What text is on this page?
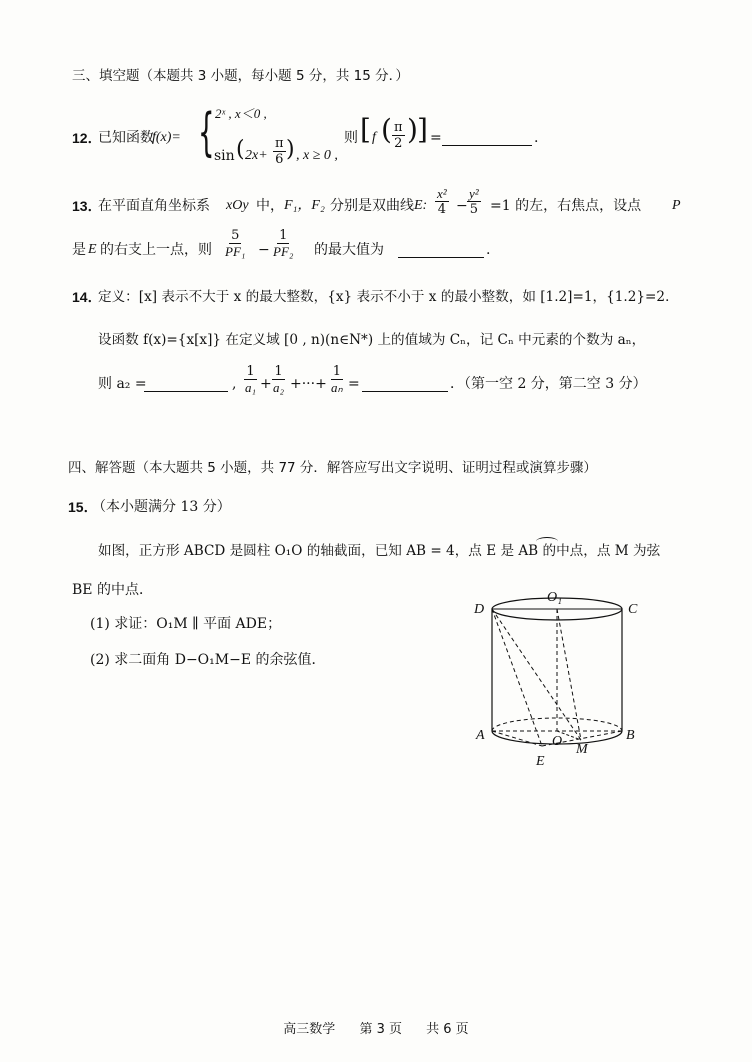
三、填空题（本题共 3 小题，每小题 5 分，共 15 分．）
12．
已知函数
f(x)= { 2ˣ , x＜0 ,
sin ( $2x+ \frac{\pi}{6}$ ) , x ≥ 0 ,
则 [ f ( $\frac{\pi}{2}$ ) ] =	.
13．
在平面直角坐标系 xOy 中， F₁，F₂ 分别是双曲线 E: $\frac{\text{x²}}{4} - \frac{\text{y²}}{5} =1$ 的左，右焦点，设点 P
是 E 的右支上一点，则 $\frac{5}{\text{PF₁}} - \frac{1}{\text{PF₂}}$ 的最大值为	.
14．
定义：[x] 表示不大于 x 的最大整数，{x} 表示不小于 x 的最小整数，如 [1.2]=1，{1.2}=2．
设函数 f(x)={x[x]} 在定义域 [0 , n)(n∈N*) 上的值域为 Cₙ，记 Cₙ 中元素的个数为 aₙ，
则 a₂ =	, $\frac{1}{\text{a₁}} + \frac{1}{\text{a₂}}$ +···+ $\frac{1}{\text{aₙ}}$ =	．（第一空 2 分，第二空 3 分）
四、解答题（本大题共 5 小题，共 77 分．解答应写出文字说明、证明过程或演算步骤）
15．
（本小题满分 13 分）
如图，正方形 ABCD 是圆柱 O₁O 的轴截面，已知 AB = 4，点 E 是 AB 的中点，点 M 为弦
BE 的中点．
(1) 求证：O₁M ∥ 平面 ADE；
(2) 求二面角 D−O₁M−E 的余弦值．
D
O₁
C
A	O
M
B
E
高三数学 第 3 页 共 6 页
